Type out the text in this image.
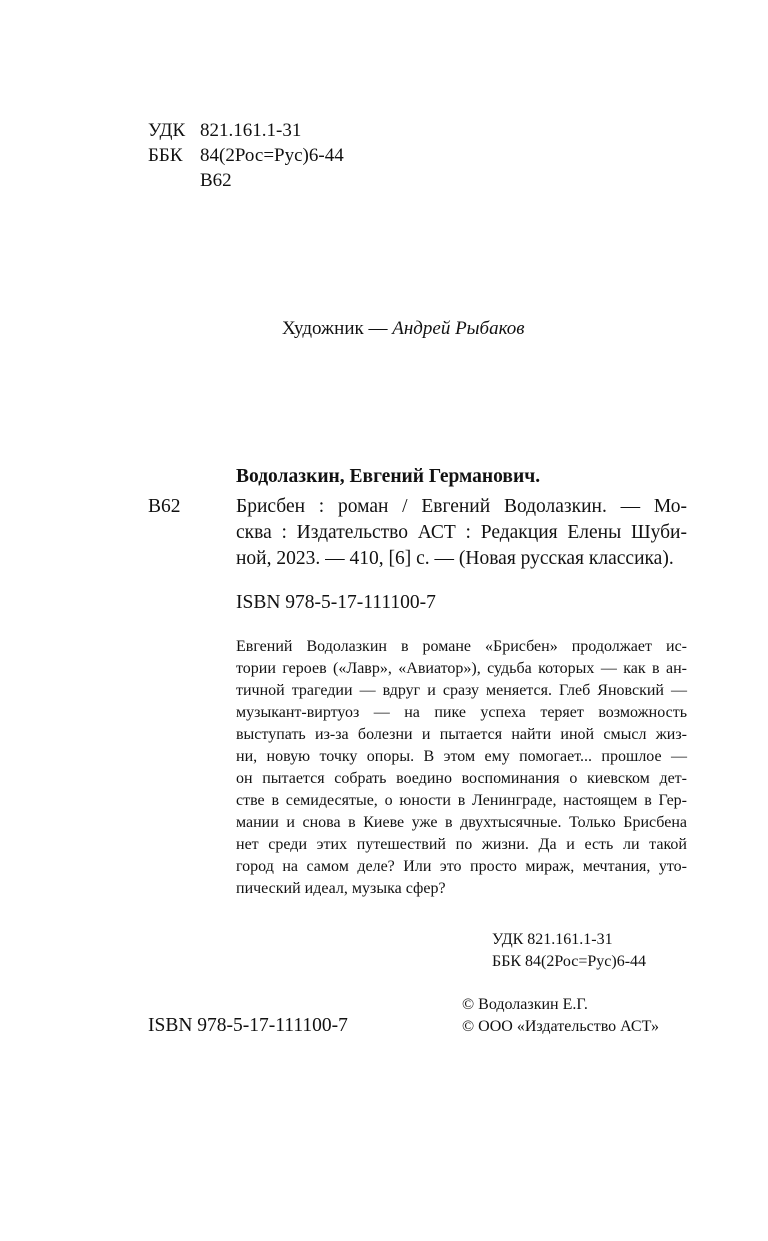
УДК 821.161.1-31
ББК 84(2Рос=Рус)6-44
В62
Художник — Андрей Рыбаков
Водолазкин, Евгений Германович.
В62	Брисбен : роман / Евгений Водолазкин. — Мо-
сква : Издательство АСТ : Редакция Елены Шуби-
ной, 2023. — 410, [6] с. — (Новая русская классика).
ISBN 978-5-17-111100-7
Евгений Водолазкин в романе «Брисбен» продолжает ис-
тории героев («Лавр», «Авиатор»), судьба которых — как в ан-
тичной трагедии — вдруг и сразу меняется. Глеб Яновский —
музыкант-виртуоз — на пике успеха теряет возможность
выступать из-за болезни и пытается найти иной смысл жиз-
ни, новую точку опоры. В этом ему помогает... прошлое —
он пытается собрать воедино воспоминания о киевском дет-
стве в семидесятые, о юности в Ленинграде, настоящем в Гер-
мании и снова в Киеве уже в двухтысячные. Только Брисбена
нет среди этих путешествий по жизни. Да и есть ли такой
город на самом деле? Или это просто мираж, мечтания, уто-
пический идеал, музыка сфер?
УДК 821.161.1-31
ББК 84(2Рос=Рус)6-44
ISBN 978-5-17-111100-7
© Водолазкин Е.Г.
© ООО «Издательство АСТ»
